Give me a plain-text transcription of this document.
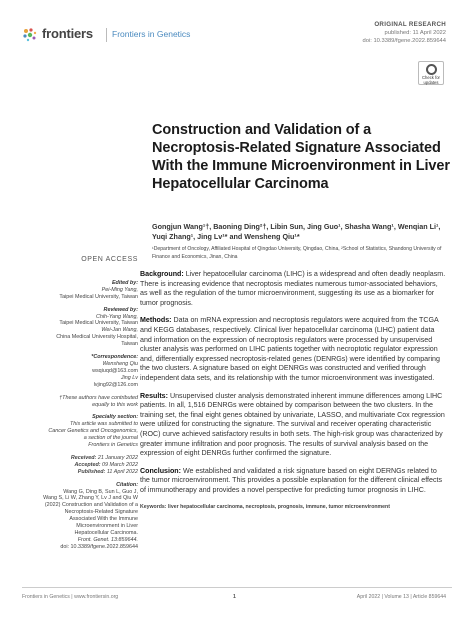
frontiers Frontiers in Genetics
ORIGINAL RESEARCH
published: 11 April 2022
doi: 10.3389/fgene.2022.859644
Check for
updates
Construction and Validation of a Necroptosis-Related Signature Associated With the Immune Microenvironment in Liver Hepatocellular Carcinoma
Gongjun Wang¹†, Baoning Ding²†, Libin Sun, Jing Guo¹, Shasha Wang¹, Wenqian Li¹, Yuqi Zhang¹, Jing Lv¹* and Wensheng Qiu¹*
¹Department of Oncology, Affiliated Hospital of Qingdao University, Qingdao, China, ²School of Statistics, Shandong University of Finance and Economics, Jinan, China
OPEN ACCESS
Edited by:
Pei-Ming Yang,
Taipei Medical University, Taiwan
Reviewed by:
Chih-Yang Wang,
Taipei Medical University, Taiwan
Wei-Jan Wang,
China Medical University Hospital,
Taiwan
*Correspondence:
Wensheng Qiu
wsqiuqd@163.com
Jing Lv
lvjing92@126.com
†These authors have contributed
equally to this work
Specialty section:
This article was submitted to
Cancer Genetics and Oncogenomics,
a section of the journal
Frontiers in Genetics
Received: 21 January 2022
Accepted: 09 March 2022
Published: 11 April 2022
Citation:
Wang G, Ding B, Sun L, Guo J,
Wang S, Li W, Zhang Y, Lv J and Qiu W
(2022) Construction and Validation of a
Necroptosis-Related Signature
Associated With the Immune
Microenvironment in Liver
Hepatocellular Carcinoma.
Front. Genet. 13:859644.
doi: 10.3389/fgene.2022.859644

Background: Liver hepatocellular carcinoma (LIHC) is a widespread and often deadly neoplasm. There is increasing evidence that necroptosis mediates numerous tumor-associated behaviors, as well as the regulation of the tumor microenvironment, suggesting its use as a biomarker for tumor prognosis.

Methods: Data on mRNA expression and necroptosis regulators were acquired from the TCGA and KEGG databases, respectively. Clinical liver hepatocellular carcinoma (LIHC) patient data and information on the expression of necroptosis regulators were processed by unsupervised cluster analysis was performed on LIHC patients together with necroptotic regulator expression and, differentially expressed necroptosis-related genes (DENRGs) were identified by comparing the two clusters. A signature based on eight DENRGs was constructed and verified through independent data sets, and its relationship with the tumor microenvironment was investigated.

Results: Unsupervised cluster analysis demonstrated inherent immune differences among LIHC patients. In all, 1,516 DENRGs were obtained by comparison between the two clusters. In the training set, the final eight genes obtained by univariate, LASSO, and multivariate Cox regression were utilized for constructing the signature. The survival and receiver operating characteristic (ROC) curve achieved satisfactory results in both sets. The high-risk group was characterized by greater immune infiltration and poor prognosis. The results of survival analysis based on the expression of eight DENRGs further confirmed the signature.

Conclusion: We established and validated a risk signature based on eight DERNGs related to the tumor microenvironment. This provides a possible explanation for the different clinical effects of immunotherapy and provides a novel perspective for predicting tumor prognosis in LIHC.

Keywords: liver hepatocellular carcinoma, necroptosis, prognosis, immune, tumor microenvironment
Frontiers in Genetics | www.frontiersin.org	1	April 2022 | Volume 13 | Article 859644
